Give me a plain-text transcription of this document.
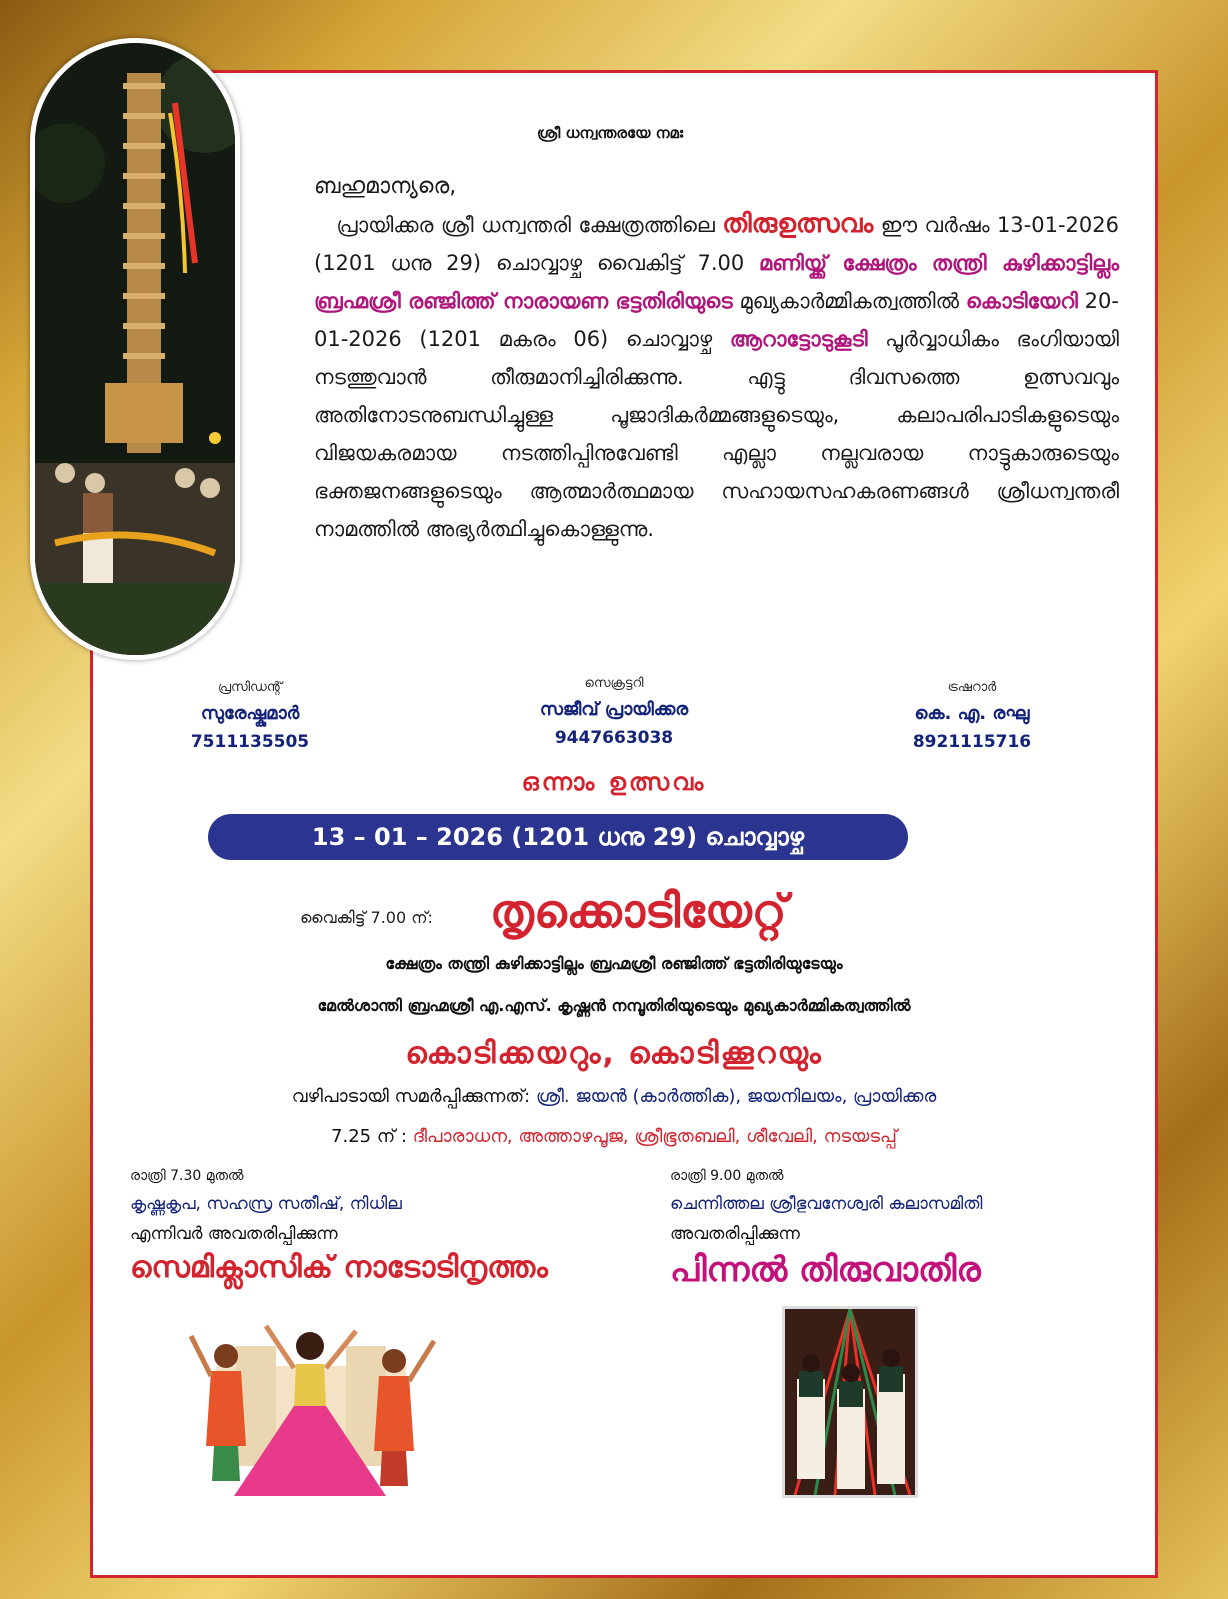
ശ്രീ ധന്വന്തരയേ നമഃ
ബഹുമാന്യരെ,
പ്രായിക്കര ശ്രീ ധന്വന്തരി ക്ഷേത്രത്തിലെ തിരുഉത്സവം ഈ വർഷം 13-01-2026 (1201 ധനു 29) ചൊവ്വാഴ്ച വൈകിട്ട് 7.00 മണിയ്ക്ക് ക്ഷേത്രം തന്ത്രി കുഴിക്കാട്ടില്ലം ബ്രഹ്മശ്രീ രഞ്ജിത്ത് നാരായണ ഭട്ടതിരിയുടെ മുഖ്യകാർമ്മികത്വത്തിൽ കൊടിയേറി 20-01-2026 (1201 മകരം 06) ചൊവ്വാഴ്ച ആറാട്ടോടുകൂടി പൂർവ്വാധികം ഭംഗിയായി നടത്തുവാൻ തീരുമാനിച്ചിരിക്കുന്നു. എട്ടു ദിവസത്തെ ഉത്സവവും അതിനോടനുബന്ധിച്ചുള്ള പൂജാദികർമ്മങ്ങളുടെയും, കലാപരിപാടികളുടെയും വിജയകരമായ നടത്തിപ്പിനുവേണ്ടി എല്ലാ നല്ലവരായ നാട്ടുകാരുടെയും ഭക്തജനങ്ങളുടെയും ആത്മാർത്ഥമായ സഹായസഹകരണങ്ങൾ ശ്രീധന്വന്തരീ നാമത്തിൽ അഭ്യർത്ഥിച്ചുകൊള്ളുന്നു.
പ്രസിഡന്റ്
സുരേഷ്കുമാർ
7511135505
സെക്രട്ടറി
സജീവ് പ്രായിക്കര
9447663038
ട്രഷറാർ
കെ. എ. രഘു
8921115716
ഒന്നാം ഉത്സവം
13 – 01 – 2026 (1201 ധനു 29) ചൊവ്വാഴ്ച
വൈകിട്ട് 7.00 ന്: തൃക്കൊടിയേറ്റ്
ക്ഷേത്രം തന്ത്രി കുഴിക്കാട്ടില്ലം ബ്രഹ്മശ്രീ രഞ്ജിത്ത് ഭട്ടതിരിയുടേയും
മേൽശാന്തി ബ്രഹ്മശ്രീ എ.എസ്. കൃഷ്ണൻ നമ്പൂതിരിയുടെയും മുഖ്യകാർമ്മികത്വത്തിൽ
കൊടിക്കയറും, കൊടിക്കൂറയും
വഴിപാടായി സമർപ്പിക്കുന്നത്: ശ്രീ. ജയൻ (കാർത്തിക), ജയനിലയം, പ്രായിക്കര
7.25 ന് : ദീപാരാധന, അത്താഴപൂജ, ശ്രീഭൂതബലി, ശീവേലി, നടയടപ്പ്
രാത്രി 7.30 മുതൽ
കൃഷ്ണകൃപ, സഹസ്ര സതീഷ്, നിധില
എന്നിവർ അവതരിപ്പിക്കുന്ന
സെമിക്ലാസിക് നാടോടിനൃത്തം
രാത്രി 9.00 മുതൽ
ചെന്നിത്തല ശ്രീഭുവനേശ്വരി കലാസമിതി
അവതരിപ്പിക്കുന്ന
പിന്നൽ തിരുവാതിര
